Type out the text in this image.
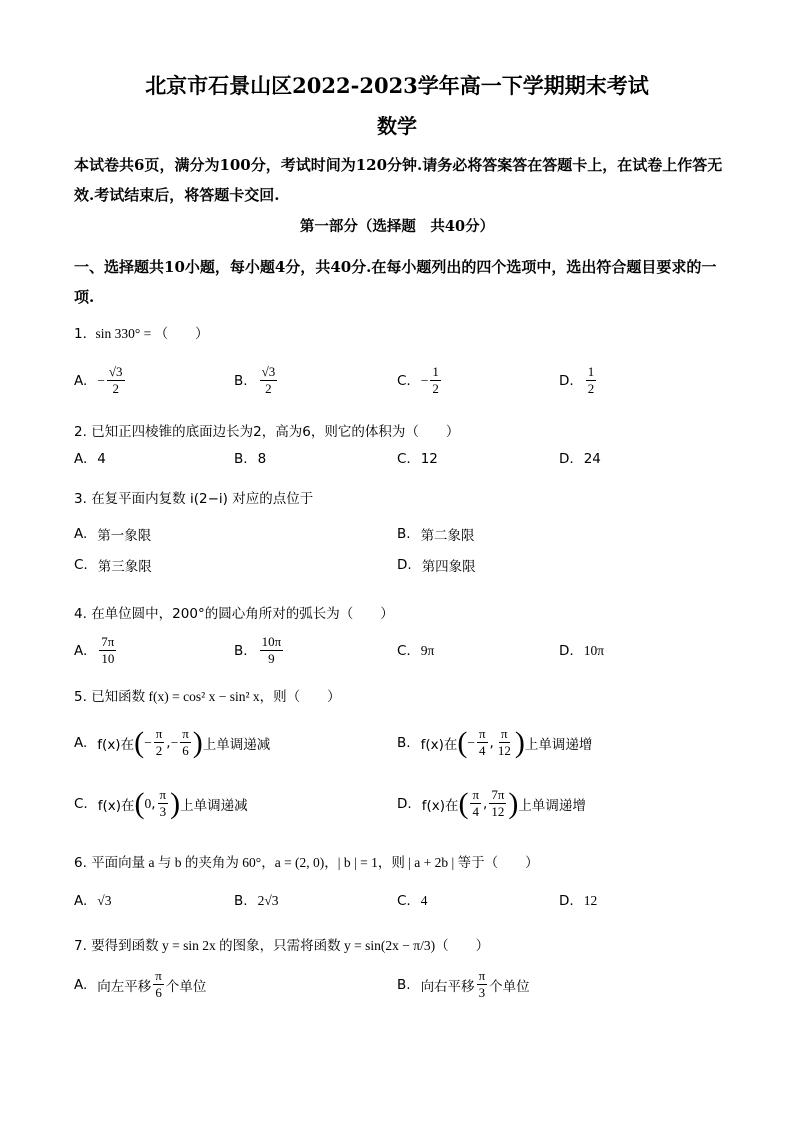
北京市石景山区2022-2023学年高一下学期期末考试
数学
本试卷共6页，满分为100分，考试时间为120分钟.请务必将答案答在答题卡上，在试卷上作答无效.考试结束后，将答题卡交回.
第一部分（选择题　共40分）
一、选择题共10小题，每小题4分，共40分.在每小题列出的四个选项中，选出符合题目要求的一项.
1. sin 330° = （　　）
A. − $\frac{√3}{2}$	B. $\frac{√3}{2}$	C. − $\frac{1}{2}$	D. $\frac{1}{2}$
2. 已知正四棱锥的底面边长为2，高为6，则它的体积为（　　）
A. 4	B. 8	C. 12	D. 24
3. 在复平面内复数 i(2−i) 对应的点位于
A. 第一象限	B. 第二象限
C. 第三象限	D. 第四象限
4. 在单位圆中，200°的圆心角所对的弧长为（　　）
A. $\frac{7\pi}{10}$	B. $\frac{10\pi}{9}$	C. 9π	D. 10π
5. 已知函数 f(x) = cos² x − sin² x，则（　　）
A. f(x)在 ( − $\frac{\pi}{2}$ , − $\frac{\pi}{6}$ ) 上单调递减	B. f(x)在 ( − $\frac{\pi}{4}$ , $\frac{\pi}{12}$ ) 上单调递增
C. f(x)在 ( 0 , $\frac{\pi}{3}$ ) 上单调递减	D. f(x)在 ( $\frac{\pi}{4}$ , $\frac{7\pi}{12}$ ) 上单调递增
6. 平面向量 a 与 b 的夹角为 60°，a = (2, 0)，| b | = 1，则 | a + 2b | 等于（　　）
A. √3	B. 2√3	C. 4	D. 12
7. 要得到函数 y = sin 2x 的图象，只需将函数 y = sin(2x − π/3)（　　）
A. 向左平移 $\frac{\pi}{6}$ 个单位	B. 向右平移 $\frac{\pi}{3}$ 个单位
